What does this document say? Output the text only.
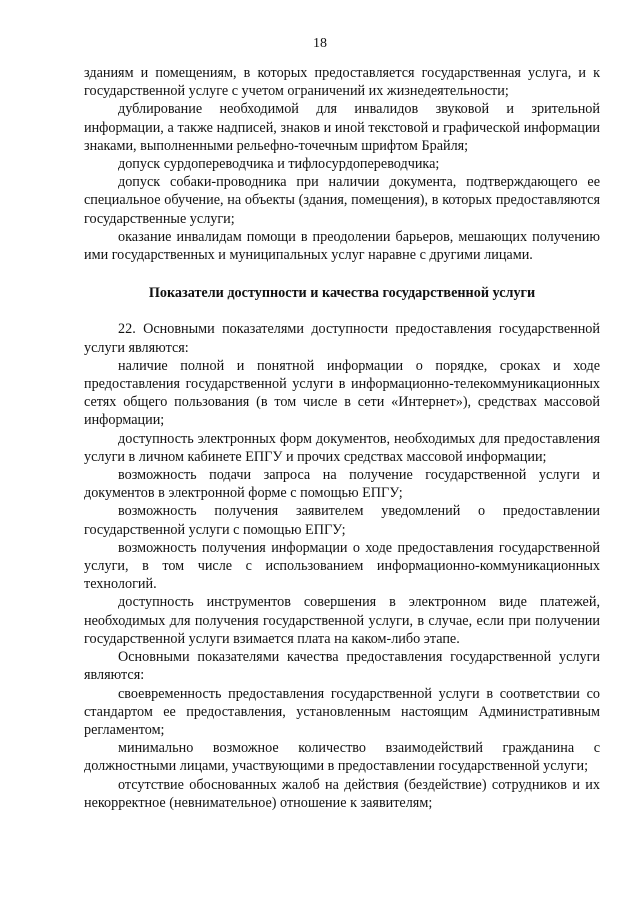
18

зданиям и помещениям, в которых предоставляется государственная услуга, и к государственной услуге с учетом ограничений их жизнедеятельности;

дублирование необходимой для инвалидов звуковой и зрительной информации, а также надписей, знаков и иной текстовой и графической информации знаками, выполненными рельефно-точечным шрифтом Брайля;

допуск сурдопереводчика и тифлосурдопереводчика;

допуск собаки-проводника при наличии документа, подтверждающего ее специальное обучение, на объекты (здания, помещения), в которых предоставляются государственные услуги;

оказание инвалидам помощи в преодолении барьеров, мешающих получению ими государственных и муниципальных услуг наравне с другими лицами.

Показатели доступности и качества государственной услуги

22. Основными показателями доступности предоставления государственной услуги являются:

наличие полной и понятной информации о порядке, сроках и ходе предоставления государственной услуги в информационно-телекоммуникационных сетях общего пользования (в том числе в сети «Интернет»), средствах массовой информации;

доступность электронных форм документов, необходимых для предоставления услуги в личном кабинете ЕПГУ и прочих средствах массовой информации;

возможность подачи запроса на получение государственной услуги и документов в электронной форме с помощью ЕПГУ;

возможность получения заявителем уведомлений о предоставлении государственной услуги с помощью ЕПГУ;

возможность получения информации о ходе предоставления государственной услуги, в том числе с использованием информационно-коммуникационных технологий.

доступность инструментов совершения в электронном виде платежей, необходимых для получения государственной услуги, в случае, если при получении государственной услуги взимается плата на каком-либо этапе.

Основными показателями качества предоставления государственной услуги являются:

своевременность предоставления государственной услуги в соответствии со стандартом ее предоставления, установленным настоящим Административным регламентом;

минимально возможное количество взаимодействий гражданина с должностными лицами, участвующими в предоставлении государственной услуги;

отсутствие обоснованных жалоб на действия (бездействие) сотрудников и их некорректное (невнимательное) отношение к заявителям;
